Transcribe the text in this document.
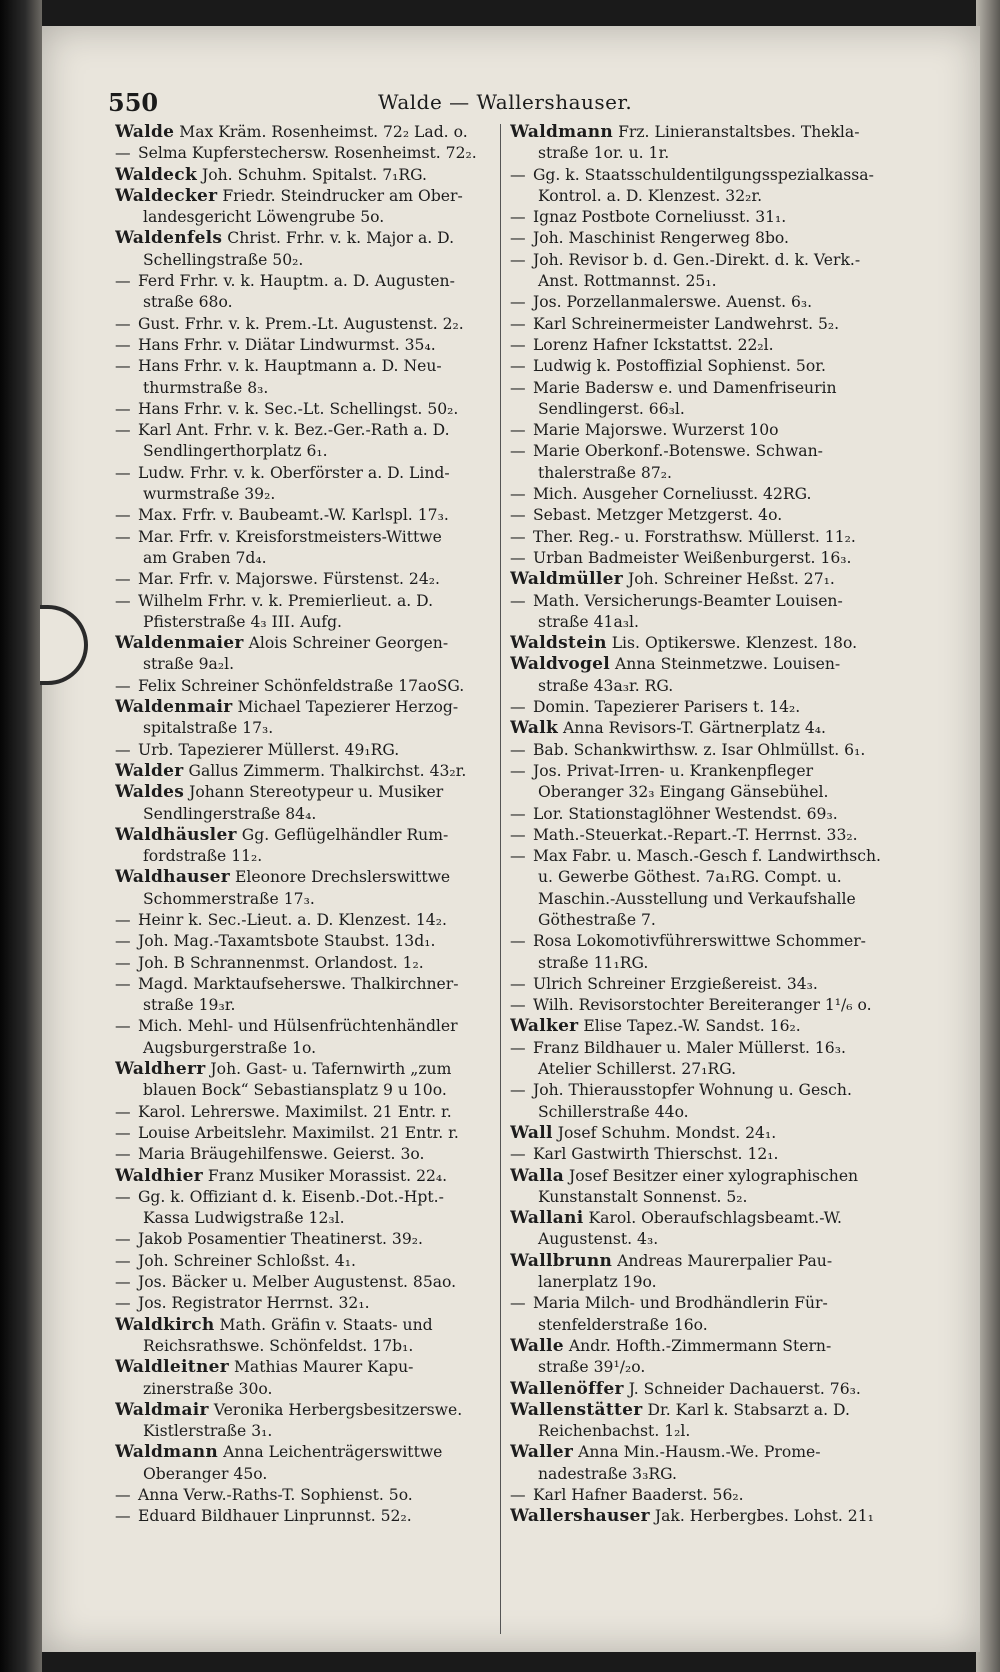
550	Walde — Wallershauser.
Walde Max Kräm. Rosenheimst. 72₂ Lad. o.
— Selma Kupferstechersw. Rosenheimst. 72₂.
Waldeck Joh. Schuhm. Spitalst. 7₁RG.
Waldecker Friedr. Steindrucker am Ober-
landesgericht Löwengrube 5o.
Waldenfels Christ. Frhr. v. k. Major a. D.
Schellingstraße 50₂.
— Ferd Frhr. v. k. Hauptm. a. D. Augusten-
straße 68o.
— Gust. Frhr. v. k. Prem.-Lt. Augustenst. 2₂.
— Hans Frhr. v. Diätar Lindwurmst. 35₄.
— Hans Frhr. v. k. Hauptmann a. D. Neu-
thurmstraße 8₃.
— Hans Frhr. v. k. Sec.-Lt. Schellingst. 50₂.
— Karl Ant. Frhr. v. k. Bez.-Ger.-Rath a. D.
Sendlingerthorplatz 6₁.
— Ludw. Frhr. v. k. Oberförster a. D. Lind-
wurmstraße 39₂.
— Max. Frfr. v. Baubeamt.-W. Karlspl. 17₃.
— Mar. Frfr. v. Kreisforstmeisters-Wittwe
am Graben 7d₄.
— Mar. Frfr. v. Majorswe. Fürstenst. 24₂.
— Wilhelm Frhr. v. k. Premierlieut. a. D.
Pfisterstraße 4₃ III. Aufg.
Waldenmaier Alois Schreiner Georgen-
straße 9a₂l.
— Felix Schreiner Schönfeldstraße 17aoSG.
Waldenmair Michael Tapezierer Herzog-
spitalstraße 17₃.
— Urb. Tapezierer Müllerst. 49₁RG.
Walder Gallus Zimmerm. Thalkirchst. 43₂r.
Waldes Johann Stereotypeur u. Musiker
Sendlingerstraße 84₄.
Waldhäusler Gg. Geflügelhändler Rum-
fordstraße 11₂.
Waldhauser Eleonore Drechslerswittwe
Schommerstraße 17₃.
— Heinr k. Sec.-Lieut. a. D. Klenzest. 14₂.
— Joh. Mag.-Taxamtsbote Staubst. 13d₁.
— Joh. B Schrannenmst. Orlandost. 1₂.
— Magd. Marktaufseherswe. Thalkirchner-
straße 19₃r.
— Mich. Mehl- und Hülsenfrüchtenhändler
Augsburgerstraße 1o.
Waldherr Joh. Gast- u. Tafernwirth „zum
blauen Bock“ Sebastiansplatz 9 u 10o.
— Karol. Lehrerswe. Maximilst. 21 Entr. r.
— Louise Arbeitslehr. Maximilst. 21 Entr. r.
— Maria Bräugehilfenswe. Geierst. 3o.
Waldhier Franz Musiker Morassist. 22₄.
— Gg. k. Offiziant d. k. Eisenb.-Dot.-Hpt.-
Kassa Ludwigstraße 12₃l.
— Jakob Posamentier Theatinerst. 39₂.
— Joh. Schreiner Schloßst. 4₁.
— Jos. Bäcker u. Melber Augustenst. 85ao.
— Jos. Registrator Herrnst. 32₁.
Waldkirch Math. Gräfin v. Staats- und
Reichsrathswe. Schönfeldst. 17b₁.
Waldleitner Mathias Maurer Kapu-
zinerstraße 30o.
Waldmair Veronika Herbergsbesitzerswe.
Kistlerstraße 3₁.
Waldmann Anna Leichenträgerswittwe
Oberanger 45o.
— Anna Verw.-Raths-T. Sophienst. 5o.
— Eduard Bildhauer Linprunnst. 52₂.
Waldmann Frz. Linieranstaltsbes. Thekla-
straße 1or. u. 1r.
— Gg. k. Staatsschuldentilgungsspezialkassa-
Kontrol. a. D. Klenzest. 32₂r.
— Ignaz Postbote Corneliusst. 31₁.
— Joh. Maschinist Rengerweg 8bo.
— Joh. Revisor b. d. Gen.-Direkt. d. k. Verk.-
Anst. Rottmannst. 25₁.
— Jos. Porzellanmalerswe. Auenst. 6₃.
— Karl Schreinermeister Landwehrst. 5₂.
— Lorenz Hafner Ickstattst. 22₂l.
— Ludwig k. Postoffizial Sophienst. 5or.
— Marie Badersw e. und Damenfriseurin
Sendlingerst. 66₃l.
— Marie Majorswe. Wurzerst 10o
— Marie Oberkonf.-Botenswe. Schwan-
thalerstraße 87₂.
— Mich. Ausgeher Corneliusst. 42RG.
— Sebast. Metzger Metzgerst. 4o.
— Ther. Reg.- u. Forstrathsw. Müllerst. 11₂.
— Urban Badmeister Weißenburgerst. 16₃.
Waldmüller Joh. Schreiner Heßst. 27₁.
— Math. Versicherungs-Beamter Louisen-
straße 41a₃l.
Waldstein Lis. Optikerswe. Klenzest. 18o.
Waldvogel Anna Steinmetzwe. Louisen-
straße 43a₃r. RG.
— Domin. Tapezierer Parisers t. 14₂.
Walk Anna Revisors-T. Gärtnerplatz 4₄.
— Bab. Schankwirthsw. z. Isar Ohlmüllst. 6₁.
— Jos. Privat-Irren- u. Krankenpfleger
Oberanger 32₃ Eingang Gänsebühel.
— Lor. Stationstaglöhner Westendst. 69₃.
— Math.-Steuerkat.-Repart.-T. Herrnst. 33₂.
— Max Fabr. u. Masch.-Gesch f. Landwirthsch.
u. Gewerbe Göthest. 7a₁RG. Compt. u.
Maschin.-Ausstellung und Verkaufshalle
Göthestraße 7.
— Rosa Lokomotivführerswittwe Schommer-
straße 11₁RG.
— Ulrich Schreiner Erzgießereist. 34₃.
— Wilh. Revisorstochter Bereiteranger 1¹/₆ o.
Walker Elise Tapez.-W. Sandst. 16₂.
— Franz Bildhauer u. Maler Müllerst. 16₃.
Atelier Schillerst. 27₁RG.
— Joh. Thierausstopfer Wohnung u. Gesch.
Schillerstraße 44o.
Wall Josef Schuhm. Mondst. 24₁.
— Karl Gastwirth Thierschst. 12₁.
Walla Josef Besitzer einer xylographischen
Kunstanstalt Sonnenst. 5₂.
Wallani Karol. Oberaufschlagsbeamt.-W.
Augustenst. 4₃.
Wallbrunn Andreas Maurerpalier Pau-
lanerplatz 19o.
— Maria Milch- und Brodhändlerin Für-
stenfelderstraße 16o.
Walle Andr. Hofth.-Zimmermann Stern-
straße 39¹/₂o.
Wallenöffer J. Schneider Dachauerst. 76₃.
Wallenstätter Dr. Karl k. Stabsarzt a. D.
Reichenbachst. 1₂l.
Waller Anna Min.-Hausm.-We. Prome-
nadestraße 3₃RG.
— Karl Hafner Baaderst. 56₂.
Wallershauser Jak. Herbergbes. Lohst. 21₁
